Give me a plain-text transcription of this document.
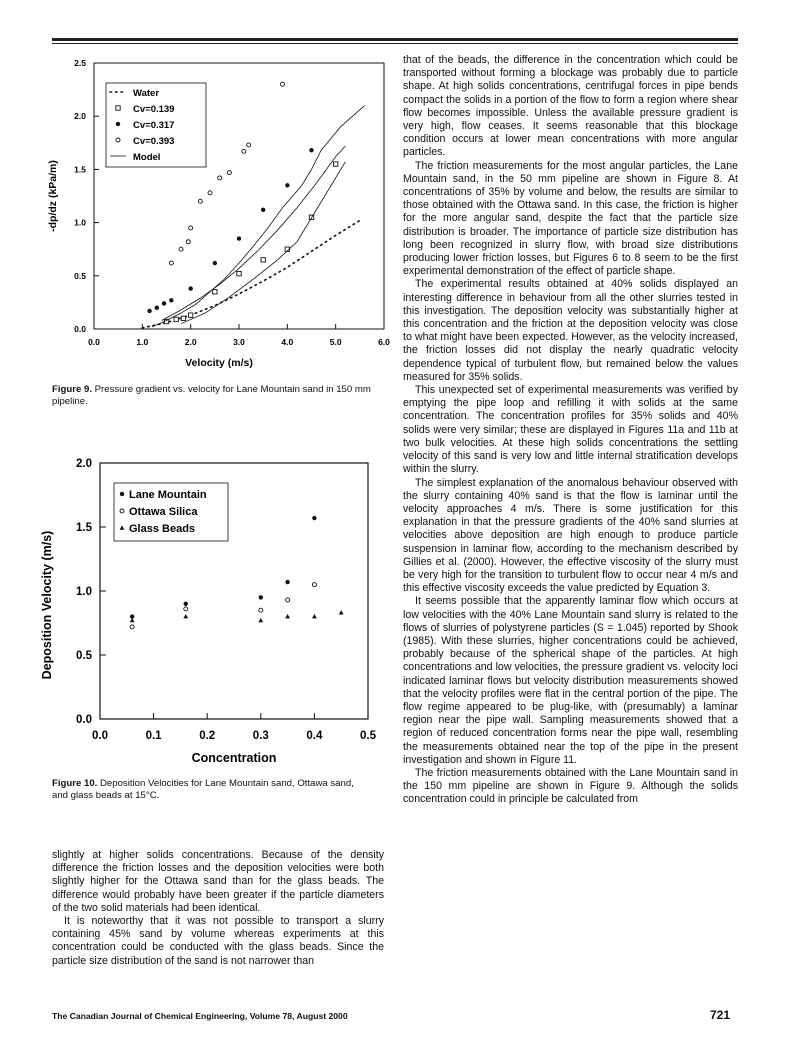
0.0	1.0	2.0	3.0	4.0	5.0	6.0
0.0
0.5
1.0
1.5
2.0
2.5
Velocity (m/s)
-dp/dz (kPa/m)
Water
Cv=0.139
Cv=0.317
Cv=0.393
Model
Figure 9. Pressure gradient vs. velocity for Lane Mountain sand in 150 mm pipeline.
0.0	0.1	0.2	0.3	0.4	0.5
0.0
0.5
1.0
1.5
2.0
Concentration
Deposition Velocity (m/s)
Lane Mountain
Ottawa Silica
Glass Beads
Figure 10. Deposition Velocities for Lane Mountain sand, Ottawa sand, and glass beads at 15°C.

slightly at higher solids concentrations. Because of the density difference the friction losses and the deposition velocities were both slightly higher for the Ottawa sand than for the glass beads. The difference would probably have been greater if the particle diameters of the two solid materials had been identical.

It is noteworthy that it was not possible to transport a slurry containing 45% sand by volume whereas experiments at this concentration could be conducted with the glass beads. Since the particle size distribution of the sand is not narrower than

that of the beads, the difference in the concentration which could be transported without forming a blockage was probably due to particle shape. At high solids concentrations, centrifugal forces in pipe bends compact the solids in a portion of the flow to form a region where shear flow becomes impossible. Unless the available pressure gradient is very high, flow ceases. It seems reasonable that this blockage condition occurs at lower mean concentrations with more angular particles.

The friction measurements for the most angular particles, the Lane Mountain sand, in the 50 mm pipeline are shown in Figure 8. At concentrations of 35% by volume and below, the results are similar to those obtained with the Ottawa sand. In this case, the friction is higher for the more angular sand, despite the fact that the particle size distribution is broader. The importance of particle size distribution has long been recognized in slurry flow, with broad size distributions producing lower friction losses, but Figures 6 to 8 seem to be the first experimental demonstration of the effect of particle shape.

The experimental results obtained at 40% solids displayed an interesting difference in behaviour from all the other slurries tested in this investigation. The deposition velocity was substantially higher at this concentration and the friction at the deposition velocity was close to what might have been expected. However, as the velocity increased, the friction losses did not display the nearly quadratic velocity dependence typical of turbulent flow, but remained below the values measured for 35% solids.

This unexpected set of experimental measurements was verified by emptying the pipe loop and refilling it with solids at the same concentration. The concentration profiles for 35% solids and 40% solids were very similar; these are displayed in Figures 11a and 11b at two bulk velocities. At these high solids concentrations the settling velocity of this sand is very low and little internal stratification develops within the slurry.

The simplest explanation of the anomalous behaviour observed with the slurry containing 40% sand is that the flow is laminar until the velocity approaches 4 m/s. There is some justification for this explanation in that the pressure gradients of the 40% sand slurries at velocities above deposition are high enough to produce particle suspension in laminar flow, according to the mechanism described by Gillies et al. (2000). However, the effective viscosity of the slurry must be very high for the transition to turbulent flow to occur near 4 m/s and this effective viscosity exceeds the value predicted by Equation 3.

It seems possible that the apparently laminar flow which occurs at low velocities with the 40% Lane Mountain sand slurry is related to the flows of slurries of polystyrene particles (S = 1.045) reported by Shook (1985). With these slurries, higher concentrations could be achieved, probably because of the spherical shape of the particles. At high concentrations and low velocities, the pressure gradient vs. velocity loci indicated laminar flows but velocity distribution measurements showed that the velocity profiles were flat in the central portion of the pipe. The flow regime appeared to be plug-like, with (presumably) a laminar region near the pipe wall. Sampling measurements showed that a region of reduced concentration forms near the pipe wall, resembling the measurements obtained near the top of the pipe in the present investigation and shown in Figure 11.

The friction measurements obtained with the Lane Mountain sand in the 150 mm pipeline are shown in Figure 9. Although the solids concentration could in principle be calculated from

The Canadian Journal of Chemical Engineering, Volume 78, August 2000	721
